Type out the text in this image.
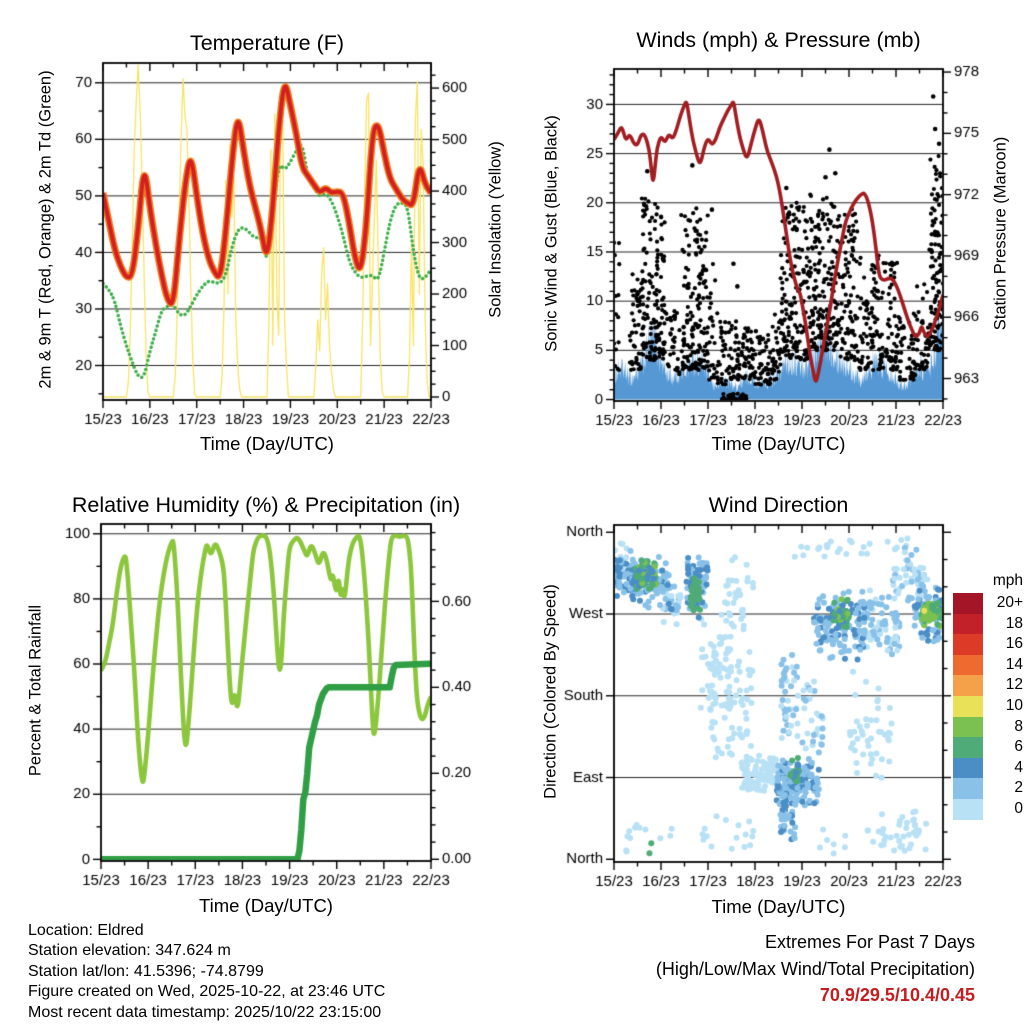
Temperature (F)	Winds (mph) & Pressure (mb)
Relative Humidity (%) & Precipitation (in)	Wind Direction
2m & 9m T (Red, Orange) & 2m Td (Green)	Solar Insolation (Yellow) Sonic Wind & Gust (Blue, Black)	Station Pressure (Maroon)
Percent & Total Rainfall	Direction (Colored By Speed)
Time (Day/UTC)	Time (Day/UTC)
Time (Day/UTC)	Time (Day/UTC)
Location: Eldred
Station elevation: 347.624 m
Station lat/lon: 41.5396; -74.8799
Figure created on Wed, 2025-10-22, at 23:46 UTC
Most recent data timestamp: 2025/10/22 23:15:00
Extremes For Past 7 Days
(High/Low/Max Wind/Total Precipitation)
70.9/29.5/10.4/0.45
mph
20+
18
16
14
12
10
8
6
4
2
0
